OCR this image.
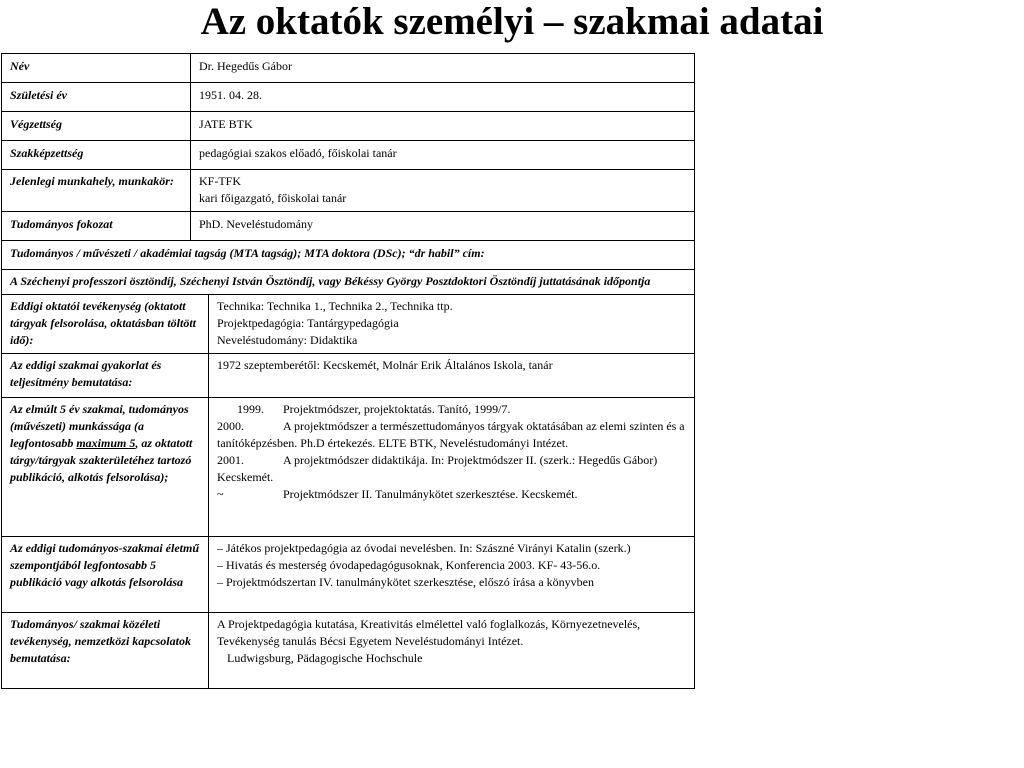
Az oktatók személyi – szakmai adatai
Név	Dr. Hegedűs Gábor
Születési év	1951. 04. 28.
Végzettség	JATE BTK
Szakképzettség	pedagógiai szakos előadó, főiskolai tanár
Jelenlegi munkahely, munkakör:	KF-TFK
kari főigazgató, főiskolai tanár

Tudományos fokozat	PhD. Neveléstudomány
Tudományos / művészeti / akadémiai tagság (MTA tagság); MTA doktora (DSc); “dr habil” cím:	
A Széchenyi professzori ösztöndíj, Széchenyi István Ösztöndíj, vagy Békéssy György Posztdoktori Ösztöndíj juttatásának időpontja	
Eddigi oktatói tevékenység (oktatott tárgyak felsorolása, oktatásban töltött idő):	Technika: Technika 1., Technika 2., Technika ttp.
Projektpedagógia: Tantárgypedagógia
Neveléstudomány: Didaktika

Az eddigi szakmai gyakorlat és teljesítmény bemutatása:	1972 szeptemberétől: Kecskemét, Molnár Erik Általános Iskola, tanár
Az elmúlt 5 év szakmai, tudományos (művészeti) munkássága (a legfontosabb maximum 5, az oktatott tárgy/tárgyak szakterületéhez tartozó publikáció, alkotás felsorolása);	1999. Projektmódszer, projektoktatás. Tanító, 1999/7.
2000. A projektmódszer a természettudományos tárgyak oktatásában az elemi szinten és a tanítóképzésben. Ph.D értekezés. ELTE BTK, Neveléstudományi Intézet.
2001. A projektmódszer didaktikája. In: Projektmódszer II. (szerk.: Hegedűs Gábor) Kecskemét.
~ Projektmódszer II. Tanulmánykötet szerkesztése. Kecskemét.

Az eddigi tudományos-szakmai életmű szempontjából legfontosabb 5 publikáció vagy alkotás felsorolása	– Játékos projektpedagógia az óvodai nevelésben. In: Szászné Virányi Katalin (szerk.)
– Hivatás és mesterség óvodapedagógusoknak, Konferencia 2003. KF- 43-56.o.
– Projektmódszertan IV. tanulmánykötet szerkesztése, előszó írása a könyvben

Tudományos/ szakmai közéleti tevékenység, nemzetközi kapcsolatok bemutatása:	A Projektpedagógia kutatása, Kreativitás elmélettel való foglalkozás, Környezetnevelés, Tevékenység tanulás Bécsi Egyetem Neveléstudományi Intézet.
Ludwigsburg, Pädagogische Hochschule
